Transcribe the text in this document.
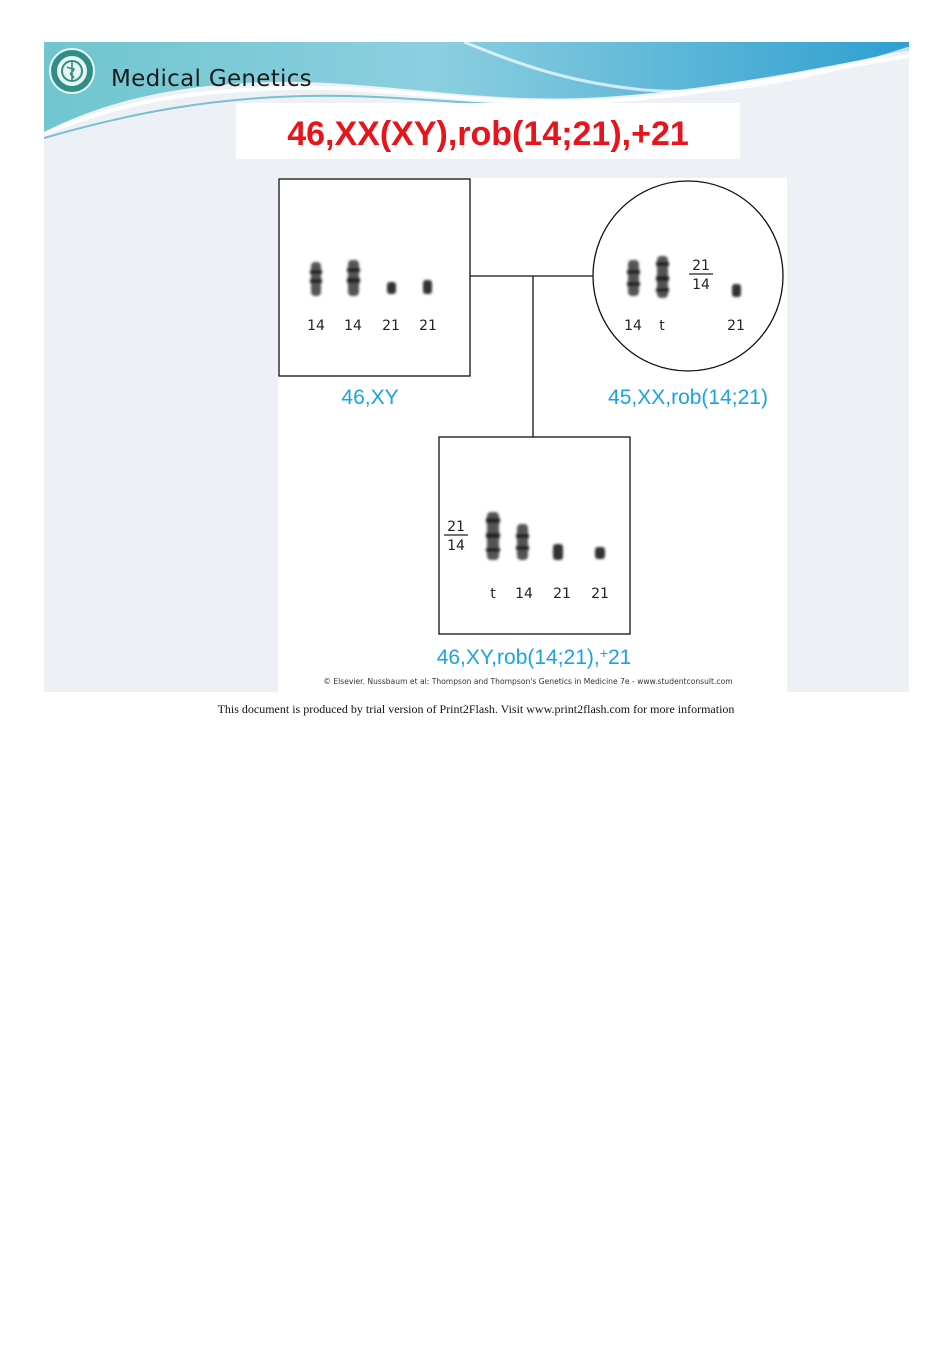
Medical Genetics
46,XX(XY),rob(14;21),+21
14 14 21 21
46,XY
21
14
14 t	21
45,XX,rob(14;21)
21
14
t 14 21 21
46,XY,rob(14;21),+21
© Elsevier. Nussbaum et al: Thompson and Thompson's Genetics in Medicine 7e - www.studentconsult.com
This document is produced by trial version of Print2Flash. Visit www.print2flash.com for more information
